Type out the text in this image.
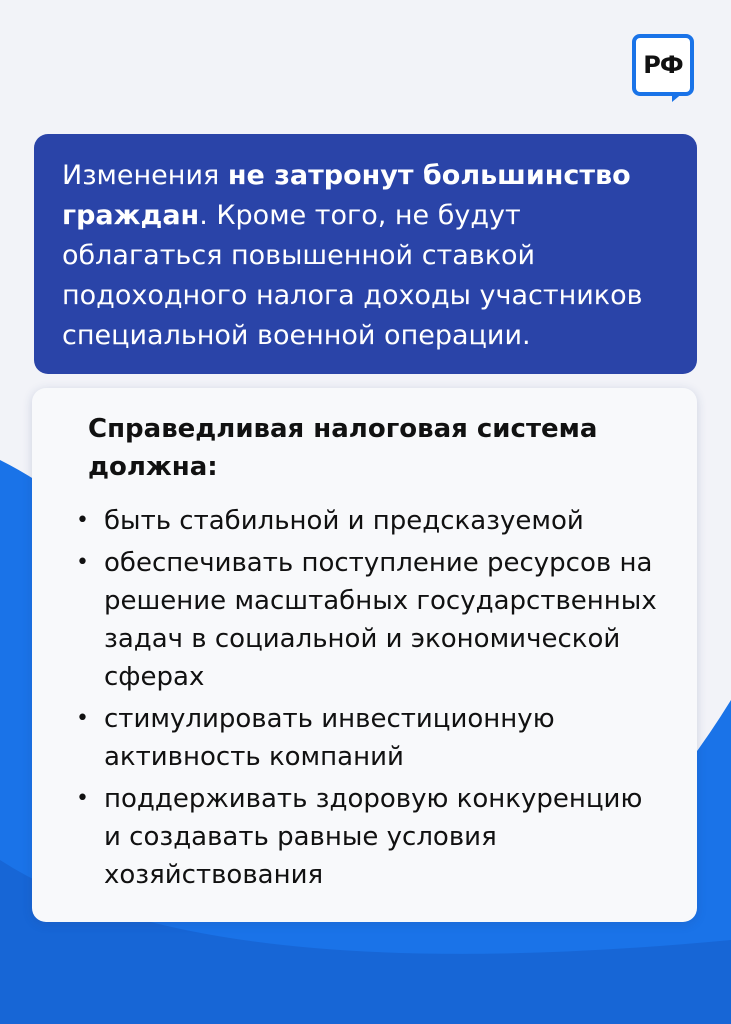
РФ
Изменения не затронут большинство граждан. Кроме того, не будут облагаться повышенной ставкой подоходного налога доходы участников специальной военной операции.
Справедливая налоговая система должна:
• быть стабильной и предсказуемой
• обеспечивать поступление ресурсов на решение масштабных государственных задач в социальной и экономической сферах
• стимулировать инвестиционную активность компаний
• поддерживать здоровую конкуренцию и создавать равные условия хозяйствования
